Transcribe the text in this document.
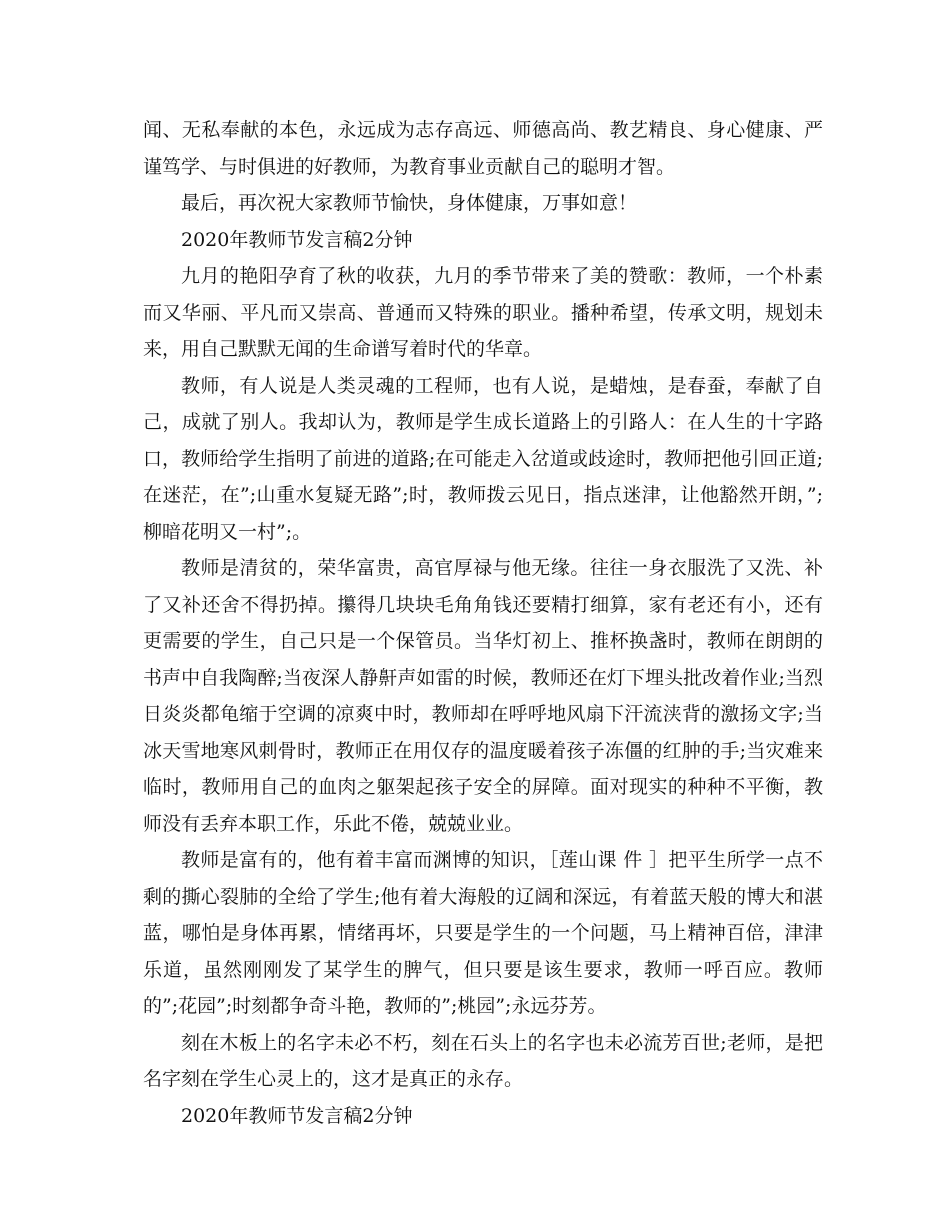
闻、无私奉献的本色，永远成为志存高远、师德高尚、教艺精良、身心健康、严谨笃学、与时俱进的好教师，为教育事业贡献自己的聪明才智。

最后，再次祝大家教师节愉快，身体健康，万事如意！

2020年教师节发言稿2分钟

九月的艳阳孕育了秋的收获，九月的季节带来了美的赞歌：教师，一个朴素而又华丽、平凡而又崇高、普通而又特殊的职业。播种希望，传承文明，规划未来，用自己默默无闻的生命谱写着时代的华章。

教师，有人说是人类灵魂的工程师，也有人说，是蜡烛，是春蚕，奉献了自己，成就了别人。我却认为，教师是学生成长道路上的引路人：在人生的十字路口，教师给学生指明了前进的道路;在可能走入岔道或歧途时，教师把他引回正道;在迷茫，在”;山重水复疑无路”;时，教师拨云见日，指点迷津，让他豁然开朗，”;柳暗花明又一村”;。

教师是清贫的，荣华富贵，高官厚禄与他无缘。往往一身衣服洗了又洗、补了又补还舍不得扔掉。攥得几块块毛角角钱还要精打细算，家有老还有小，还有更需要的学生，自己只是一个保管员。当华灯初上、推杯换盏时，教师在朗朗的书声中自我陶醉;当夜深人静鼾声如雷的时候，教师还在灯下埋头批改着作业;当烈日炎炎都龟缩于空调的凉爽中时，教师却在呼呼地风扇下汗流浃背的激扬文字;当冰天雪地寒风刺骨时，教师正在用仅存的温度暖着孩子冻僵的红肿的手;当灾难来临时，教师用自己的血肉之躯架起孩子安全的屏障。面对现实的种种不平衡，教师没有丢弃本职工作，乐此不倦，兢兢业业。

教师是富有的，他有着丰富而渊博的知识，［莲山课 件 ］把平生所学一点不剩的撕心裂肺的全给了学生;他有着大海般的辽阔和深远，有着蓝天般的博大和湛蓝，哪怕是身体再累，情绪再坏，只要是学生的一个问题，马上精神百倍，津津乐道，虽然刚刚发了某学生的脾气，但只要是该生要求，教师一呼百应。教师的”;花园”;时刻都争奇斗艳，教师的”;桃园”;永远芬芳。

刻在木板上的名字未必不朽，刻在石头上的名字也未必流芳百世;老师，是把名字刻在学生心灵上的，这才是真正的永存。

2020年教师节发言稿2分钟
